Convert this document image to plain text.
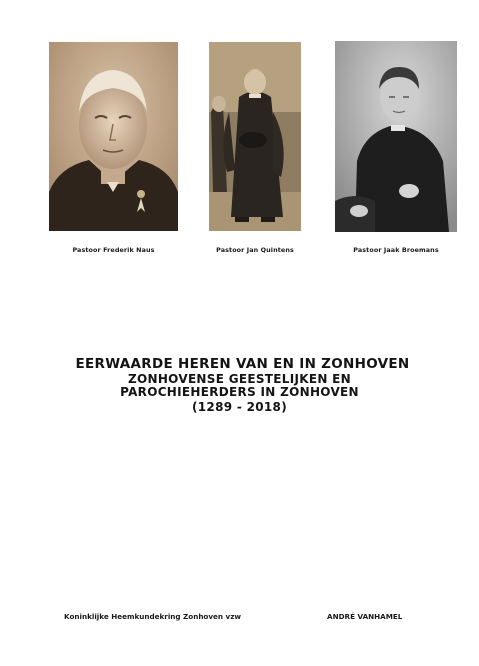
Pastoor Frederik Naus	Pastoor Jan Quintens	Pastoor Jaak Broemans
EERWAARDE HEREN VAN EN IN ZONHOVEN
ZONHOVENSE GEESTELIJKEN EN
PAROCHIEHERDERS IN ZONHOVEN
(1289 - 2018)
Koninklijke Heemkundekring Zonhoven vzw	ANDRÉ VANHAMEL
